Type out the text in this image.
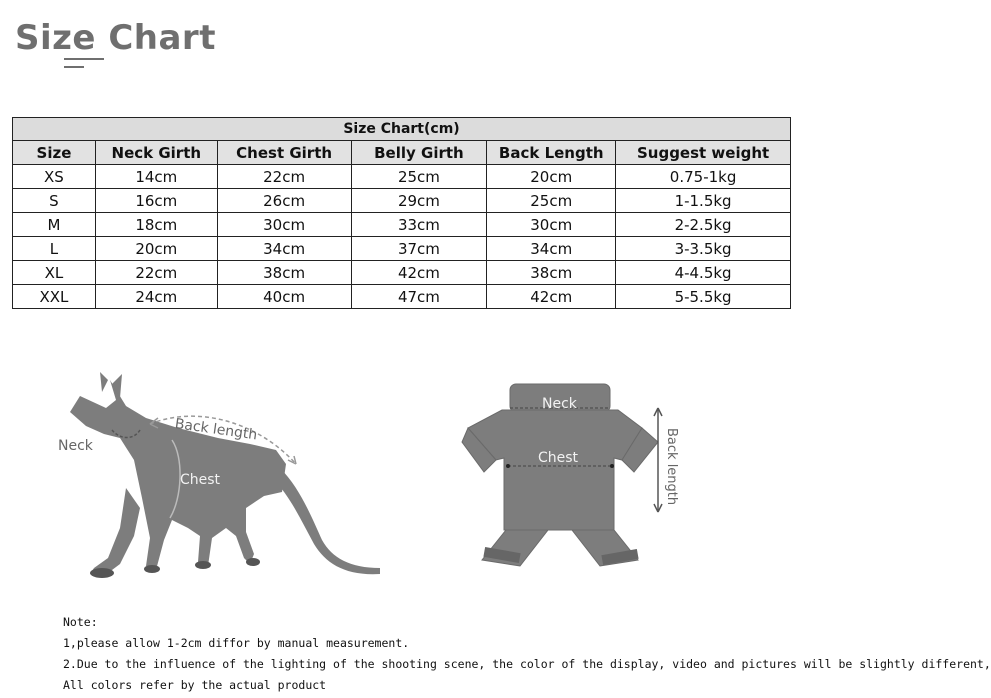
Size Chart
Size Chart(cm)					
Size	Neck Girth	Chest Girth	Belly Girth	Back Length	Suggest weight
XS	14cm	22cm	25cm	20cm	0.75-1kg
S	16cm	26cm	29cm	25cm	1-1.5kg
M	18cm	30cm	33cm	30cm	2-2.5kg
L	20cm	34cm	37cm	34cm	3-3.5kg
XL	22cm	38cm	42cm	38cm	4-4.5kg
XXL	24cm	40cm	47cm	42cm	5-5.5kg
Neck
Chest
Back length
Neck
Chest	Back length
Note:
1,please allow 1-2cm diffor by manual measurement.
2.Due to the influence of the lighting of the shooting scene, the color of the display, video and pictures will be slightly different,
All colors refer by the actual product
